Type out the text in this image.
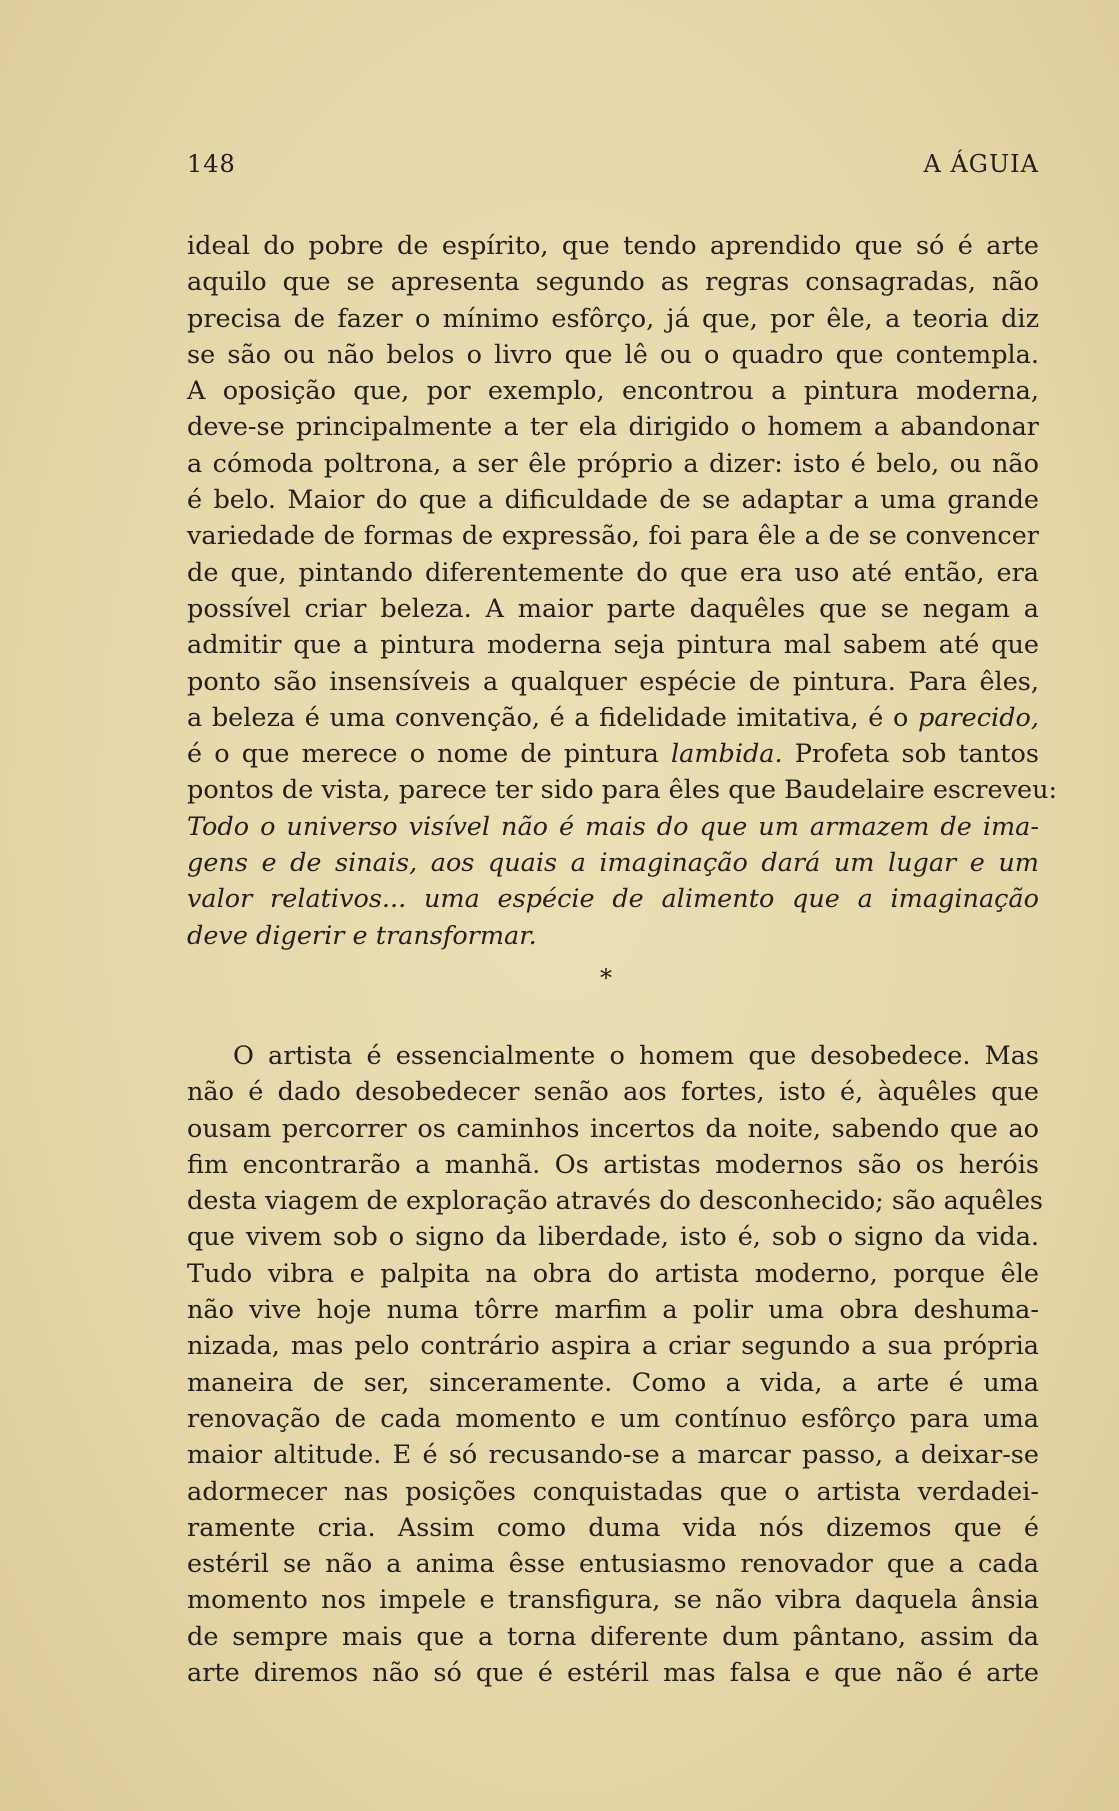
148	A ÁGUIA
ideal do pobre de espírito, que tendo aprendido que só é arte
aquilo que se apresenta segundo as regras consagradas, não
precisa de fazer o mínimo esfôrço, já que, por êle, a teoria diz
se são ou não belos o livro que lê ou o quadro que contempla.
A oposição que, por exemplo, encontrou a pintura moderna,
deve-se principalmente a ter ela dirigido o homem a abandonar
a cómoda poltrona, a ser êle próprio a dizer: isto é belo, ou não
é belo. Maior do que a dificuldade de se adaptar a uma grande
variedade de formas de expressão, foi para êle a de se convencer
de que, pintando diferentemente do que era uso até então, era
possível criar beleza. A maior parte daquêles que se negam a
admitir que a pintura moderna seja pintura mal sabem até que
ponto são insensíveis a qualquer espécie de pintura. Para êles,
a beleza é uma convenção, é a fidelidade imitativa, é o parecido,
é o que merece o nome de pintura lambida. Profeta sob tantos
pontos de vista, parece ter sido para êles que Baudelaire escreveu:
Todo o universo visível não é mais do que um armazem de ima-
gens e de sinais, aos quais a imaginação dará um lugar e um
valor relativos... uma espécie de alimento que a imaginação
deve digerir e transformar.
*
O artista é essencialmente o homem que desobedece. Mas
não é dado desobedecer senão aos fortes, isto é, àquêles que
ousam percorrer os caminhos incertos da noite, sabendo que ao
fim encontrarão a manhã. Os artistas modernos são os heróis
desta viagem de exploração através do desconhecido; são aquêles
que vivem sob o signo da liberdade, isto é, sob o signo da vida.
Tudo vibra e palpita na obra do artista moderno, porque êle
não vive hoje numa tôrre marfim a polir uma obra deshuma-
nizada, mas pelo contrário aspira a criar segundo a sua própria
maneira de ser, sinceramente. Como a vida, a arte é uma
renovação de cada momento e um contínuo esfôrço para uma
maior altitude. E é só recusando-se a marcar passo, a deixar-se
adormecer nas posições conquistadas que o artista verdadei-
ramente cria. Assim como duma vida nós dizemos que é
estéril se não a anima êsse entusiasmo renovador que a cada
momento nos impele e transfigura, se não vibra daquela ânsia
de sempre mais que a torna diferente dum pântano, assim da
arte diremos não só que é estéril mas falsa e que não é arte
